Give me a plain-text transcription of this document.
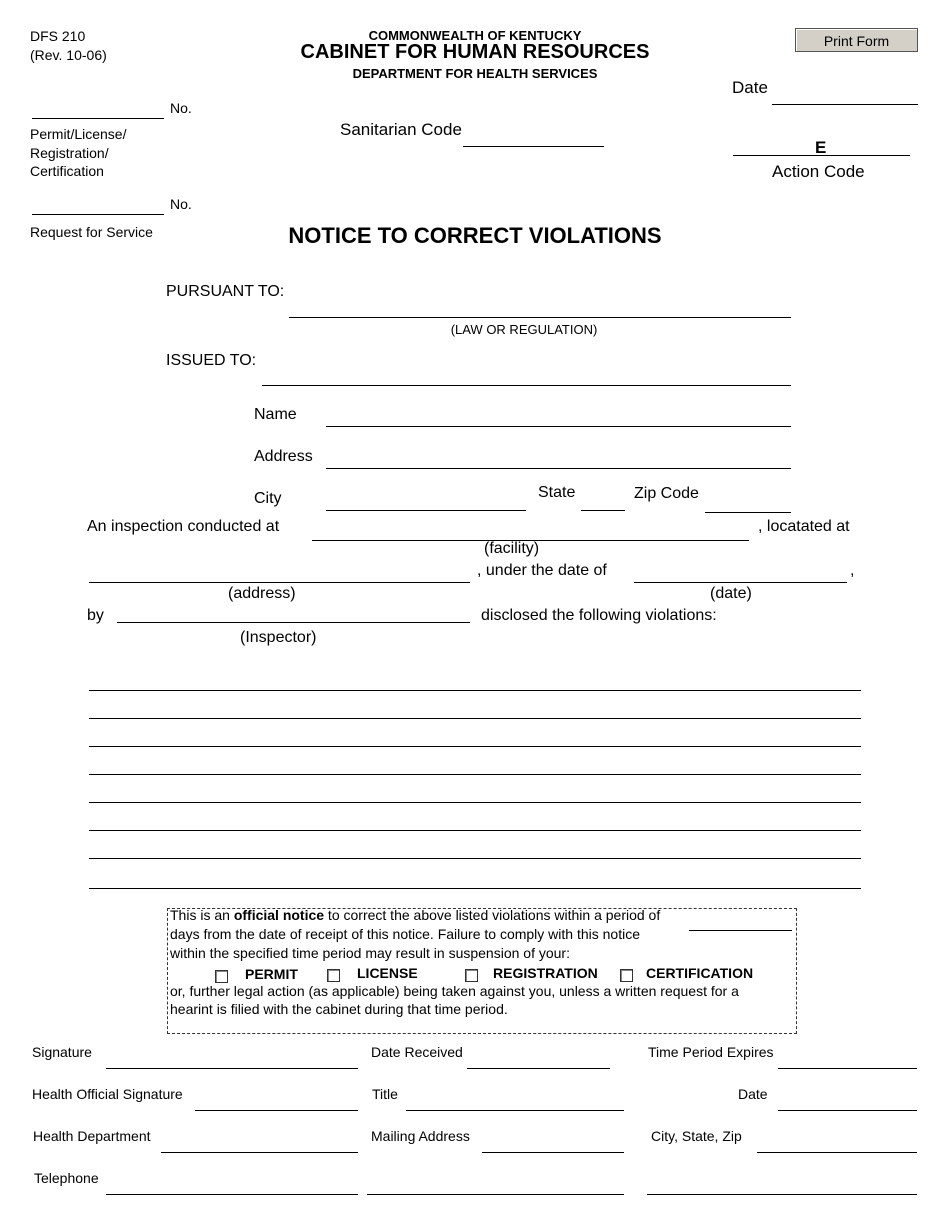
DFS 210
(Rev. 10-06)
COMMONWEALTH OF KENTUCKY
CABINET FOR HUMAN RESOURCES
DEPARTMENT FOR HEALTH SERVICES
Print Form
Date
No.
Permit/License/
Registration/
Certification
No.
Request for Service
Sanitarian Code
E
Action Code
NOTICE TO CORRECT VIOLATIONS
PURSUANT TO:
(LAW OR REGULATION)
ISSUED TO:
Name
Address
City	State	Zip Code
An inspection conducted at	, locatated at
(facility)
, under the date of	,
(address)	(date)
by	disclosed the following violations:
(Inspector)
This is an official notice to correct the above listed violations within a period of
days from the date of receipt of this notice. Failure to comply with this notice
within the specified time period may result in suspension of your:
PERMIT	LICENSE	REGISTRATION	CERTIFICATION
or, further legal action (as applicable) being taken against you, unless a written request for a
hearint is filied with the cabinet during that time period.
Signature	Date Received	Time Period Expires
Health Official Signature	Title	Date
Health Department	Mailing Address	City, State, Zip
Telephone
